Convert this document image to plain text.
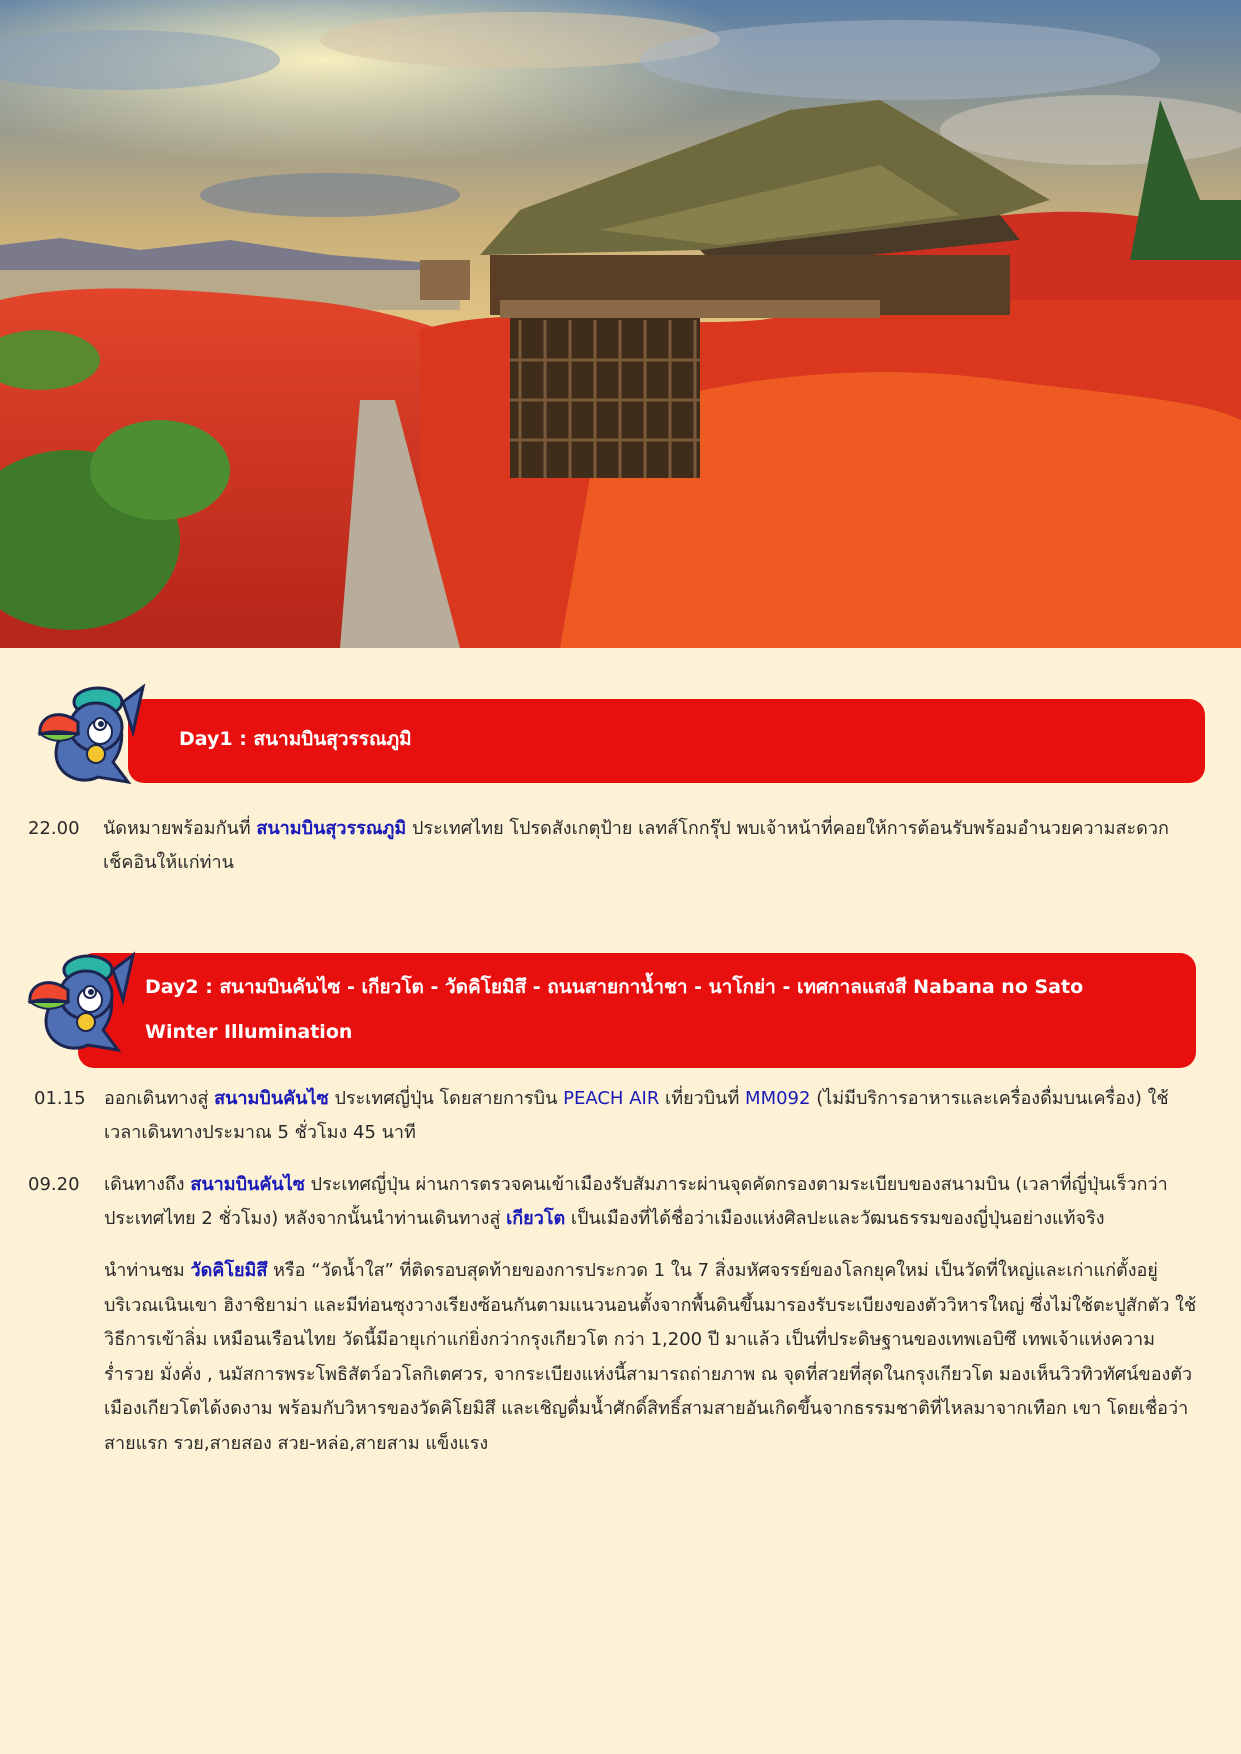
Day1 : สนามบินสุวรรณภูมิ
22.00	นัดหมายพร้อมกันที่ สนามบินสุวรรณภูมิ ประเทศไทย โปรดสังเกตุป้าย เลทส์โกกรุ๊ป พบเจ้าหน้าที่คอยให้การต้อนรับพร้อมอำนวยความสะดวก เช็คอินให้แก่ท่าน
Day2 : สนามบินคันไซ - เกียวโต - วัดคิโยมิสึ - ถนนสายกาน้ำชา - นาโกย่า - เทศกาลแสงสี Nabana no Sato
Winter Illumination
01.15	ออกเดินทางสู่ สนามบินคันไซ ประเทศญี่ปุ่น โดยสายการบิน PEACH AIR เที่ยวบินที่ MM092 (ไม่มีบริการอาหารและเครื่องดื่มบนเครื่อง) ใช้เวลาเดินทางประมาณ 5 ชั่วโมง 45 นาที
09.20	เดินทางถึง สนามบินคันไซ ประเทศญี่ปุ่น ผ่านการตรวจคนเข้าเมืองรับสัมภาระผ่านจุดคัดกรองตามระเบียบของสนามบิน (เวลาที่ญี่ปุ่นเร็วกว่าประเทศไทย 2 ชั่วโมง) หลังจากนั้นนำท่านเดินทางสู่ เกียวโต เป็นเมืองที่ได้ชื่อว่าเมืองแห่งศิลปะและวัฒนธรรมของญี่ปุ่นอย่างแท้จริง
นำท่านชม วัดคิโยมิสึ หรือ “วัดน้ำใส” ที่ติดรอบสุดท้ายของการประกวด 1 ใน 7 สิ่งมหัศจรรย์ของโลกยุคใหม่ เป็นวัดที่ใหญ่และเก่าแก่ตั้งอยู่บริเวณเนินเขา ฮิงาชิยาม่า และมีท่อนซุงวางเรียงซ้อนกันตามแนวนอนตั้งจากพื้นดินขึ้นมารองรับระเบียงของตัววิหารใหญ่ ซึ่งไม่ใช้ตะปูสักตัว ใช้วิธีการเข้าลิ่ม เหมือนเรือนไทย วัดนี้มีอายุเก่าแก่ยิ่งกว่ากรุงเกียวโต กว่า 1,200 ปี มาแล้ว เป็นที่ประดิษฐานของเทพเอบิซึ เทพเจ้าแห่งความร่ำรวย มั่งคั่ง , นมัสการพระโพธิสัตว์อวโลกิเตศวร, จากระเบียงแห่งนี้สามารถถ่ายภาพ ณ จุดที่สวยที่สุดในกรุงเกียวโต มองเห็นวิวทิวทัศน์ของตัวเมืองเกียวโตได้งดงาม พร้อมกับวิหารของวัดคิโยมิสึ และเชิญดื่มน้ำศักดิ์สิทธิ์สามสายอันเกิดขึ้นจากธรรมชาติที่ไหลมาจากเทือก เขา โดยเชื่อว่า สายแรก รวย,สายสอง สวย-หล่อ,สายสาม แข็งแรง
